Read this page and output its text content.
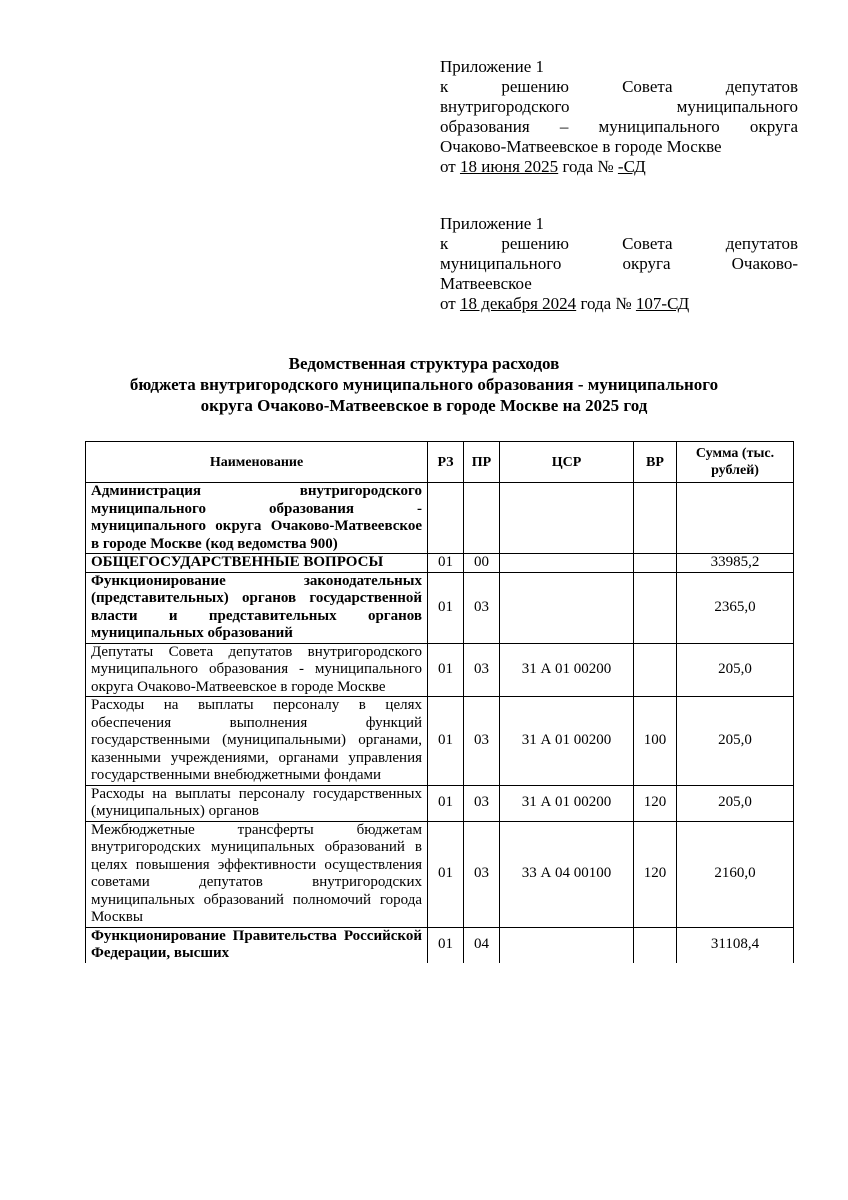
Приложение 1

к решению Совета депутатов

внутригородского муниципального

образования – муниципального округа

Очаково-Матвеевское в городе Москве

от 18 июня 2025 года № -СД

Приложение 1

к решению Совета депутатов

муниципального округа Очаково-

Матвеевское

от 18 декабря 2024 года № 107-СД

Ведомственная структура расходов
бюджета внутригородского муниципального образования - муниципального
округа Очаково-Матвеевское в городе Москве на 2025 год
Наименование	РЗ	ПР	ЦСР	ВР	Сумма (тыс. рублей)
Администрация внутригородского муниципального образования - муниципального округа Очаково-Матвеевское в городе Москве (код ведомства 900)					
ОБЩЕГОСУДАРСТВЕННЫЕ ВОПРОСЫ	01	00			33985,2
Функционирование законодательных (представительных) органов государственной власти и представительных органов муниципальных образований	01	03			2365,0
Депутаты Совета депутатов внутригородского муниципального образования - муниципального округа Очаково-Матвеевское в городе Москве	01	03	31 А 01 00200		205,0
Расходы на выплаты персоналу в целях обеспечения выполнения функций государственными (муниципальными) органами, казенными учреждениями, органами управления государственными внебюджетными фондами	01	03	31 А 01 00200	100	205,0
Расходы на выплаты персоналу государственных (муниципальных) органов	01	03	31 А 01 00200	120	205,0
Межбюджетные трансферты бюджетам внутригородских муниципальных образований в целях повышения эффективности осуществления советами депутатов внутригородских муниципальных образований полномочий города Москвы	01	03	33 А 04 00100	120	2160,0
Функционирование Правительства Российской Федерации, высших	01	04			31108,4
